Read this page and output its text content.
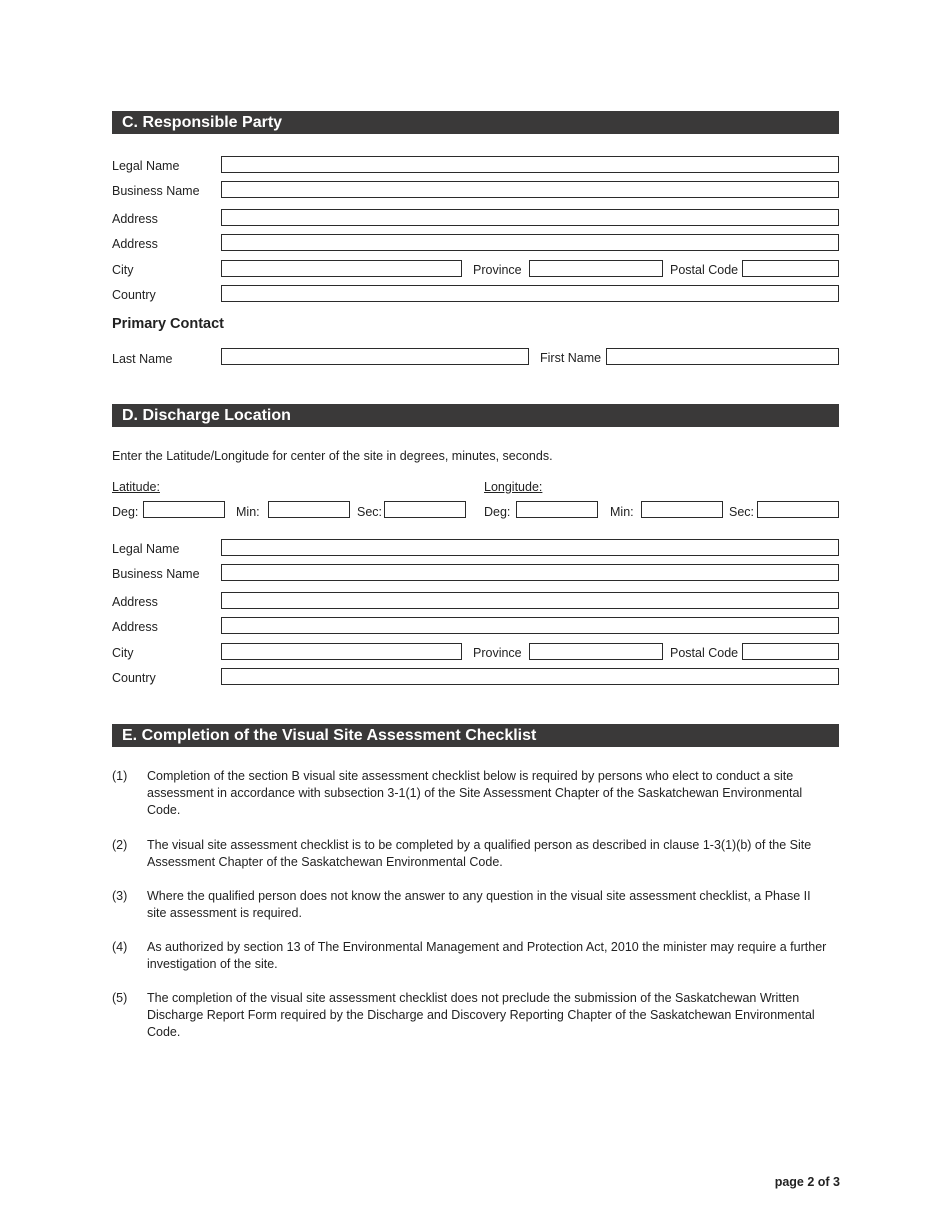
C. Responsible Party
Legal Name
Business Name
Address
Address
City	Province	Postal Code
Country
Primary Contact
Last Name	First Name
D. Discharge Location
Enter the Latitude/Longitude for center of the site in degrees, minutes, seconds.
Latitude:	Longitude:
Deg:	Min:	Sec:	Deg:	Min:	Sec:
Legal Name
Business Name
Address
Address
City	Province	Postal Code
Country
E. Completion of the Visual Site Assessment Checklist
(1) Completion of the section B visual site assessment checklist below is required by persons who elect to conduct a site assessment in accordance with subsection 3-1(1) of the Site Assessment Chapter of the Saskatchewan Environmental Code.
(2) The visual site assessment checklist is to be completed by a qualified person as described in clause 1-3(1)(b) of the Site Assessment Chapter of the Saskatchewan Environmental Code.
(3) Where the qualified person does not know the answer to any question in the visual site assessment checklist, a Phase II site assessment is required.
(4) As authorized by section 13 of The Environmental Management and Protection Act, 2010 the minister may require a further investigation of the site.
(5) The completion of the visual site assessment checklist does not preclude the submission of the Saskatchewan Written Discharge Report Form required by the Discharge and Discovery Reporting Chapter of the Saskatchewan Environmental Code.
page 2 of 3
